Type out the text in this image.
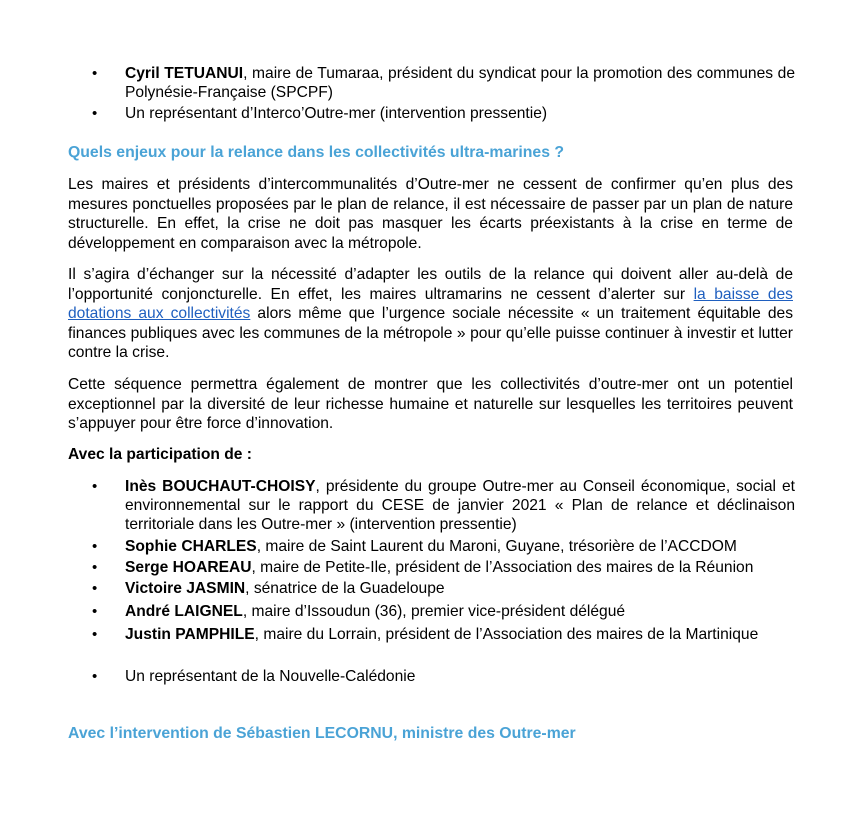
•	Cyril TETUANUI, maire de Tumaraa, président du syndicat pour la promotion des communes de Polynésie-Française (SPCPF)
•	Un représentant d’Interco’Outre-mer (intervention pressentie)
Quels enjeux pour la relance dans les collectivités ultra-marines ?

Les maires et présidents d’intercommunalités d’Outre-mer ne cessent de confirmer qu’en plus des mesures ponctuelles proposées par le plan de relance, il est nécessaire de passer par un plan de nature structurelle. En effet, la crise ne doit pas masquer les écarts préexistants à la crise en terme de développement en comparaison avec la métropole.

Il s’agira d’échanger sur la nécessité d’adapter les outils de la relance qui doivent aller au-delà de l’opportunité conjoncturelle. En effet, les maires ultramarins ne cessent d’alerter sur la baisse des dotations aux collectivités alors même que l’urgence sociale nécessite « un traitement équitable des finances publiques avec les communes de la métropole » pour qu’elle puisse continuer à investir et lutter contre la crise.

Cette séquence permettra également de montrer que les collectivités d’outre-mer ont un potentiel exceptionnel par la diversité de leur richesse humaine et naturelle sur lesquelles les territoires peuvent s’appuyer pour être force d’innovation.

Avec la participation de :
•	Inès BOUCHAUT-CHOISY, présidente du groupe Outre-mer au Conseil économique, social et environnemental sur le rapport du CESE de janvier 2021 « Plan de relance et déclinaison territoriale dans les Outre-mer » (intervention pressentie)
•	Sophie CHARLES, maire de Saint Laurent du Maroni, Guyane, trésorière de l’ACCDOM
•	Serge HOAREAU, maire de Petite-Ile, président de l’Association des maires de la Réunion
•	Victoire JASMIN, sénatrice de la Guadeloupe
•	André LAIGNEL, maire d’Issoudun (36), premier vice-président délégué
•	Justin PAMPHILE, maire du Lorrain, président de l’Association des maires de la Martinique
•	Un représentant de la Nouvelle-Calédonie
Avec l’intervention de Sébastien LECORNU, ministre des Outre-mer
